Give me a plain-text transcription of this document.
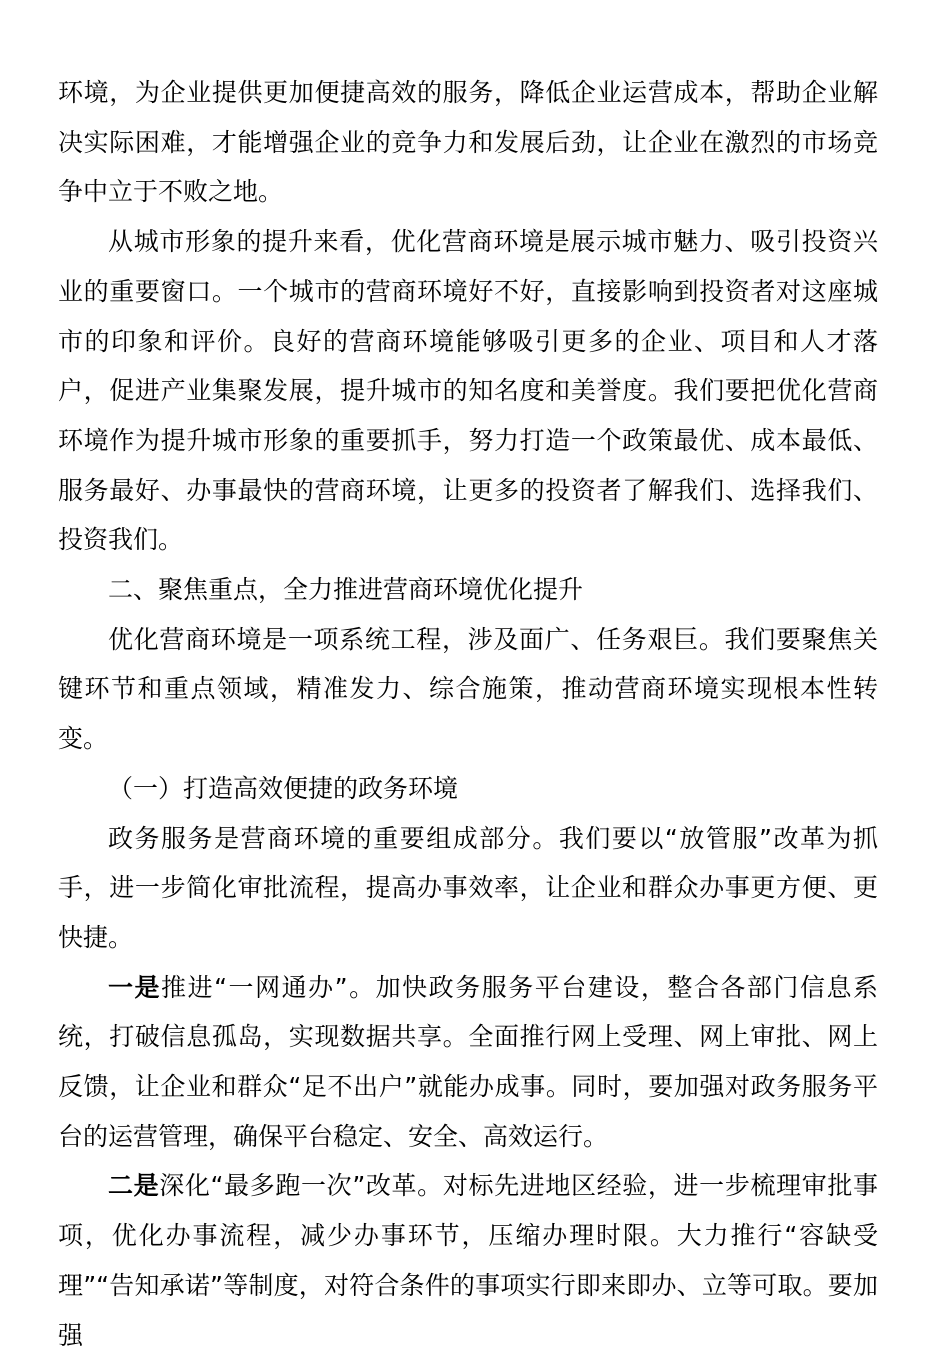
环境，为企业提供更加便捷高效的服务，降低企业运营成本，帮助企业解决实际困难，才能增强企业的竞争力和发展后劲，让企业在激烈的市场竞争中立于不败之地。

从城市形象的提升来看，优化营商环境是展示城市魅力、吸引投资兴业的重要窗口。一个城市的营商环境好不好，直接影响到投资者对这座城市的印象和评价。良好的营商环境能够吸引更多的企业、项目和人才落户，促进产业集聚发展，提升城市的知名度和美誉度。我们要把优化营商环境作为提升城市形象的重要抓手，努力打造一个政策最优、成本最低、服务最好、办事最快的营商环境，让更多的投资者了解我们、选择我们、投资我们。

二、聚焦重点，全力推进营商环境优化提升

优化营商环境是一项系统工程，涉及面广、任务艰巨。我们要聚焦关键环节和重点领域，精准发力、综合施策，推动营商环境实现根本性转变。

（一）打造高效便捷的政务环境

政务服务是营商环境的重要组成部分。我们要以“放管服”改革为抓手，进一步简化审批流程，提高办事效率，让企业和群众办事更方便、更快捷。

一是推进“一网通办”。加快政务服务平台建设，整合各部门信息系统，打破信息孤岛，实现数据共享。全面推行网上受理、网上审批、网上反馈，让企业和群众“足不出户”就能办成事。同时，要加强对政务服务平台的运营管理，确保平台稳定、安全、高效运行。

二是深化“最多跑一次”改革。对标先进地区经验，进一步梳理审批事项，优化办事流程，减少办事环节，压缩办理时限。大力推行“容缺受理”“告知承诺”等制度，对符合条件的事项实行即来即办、立等可取。要加强
